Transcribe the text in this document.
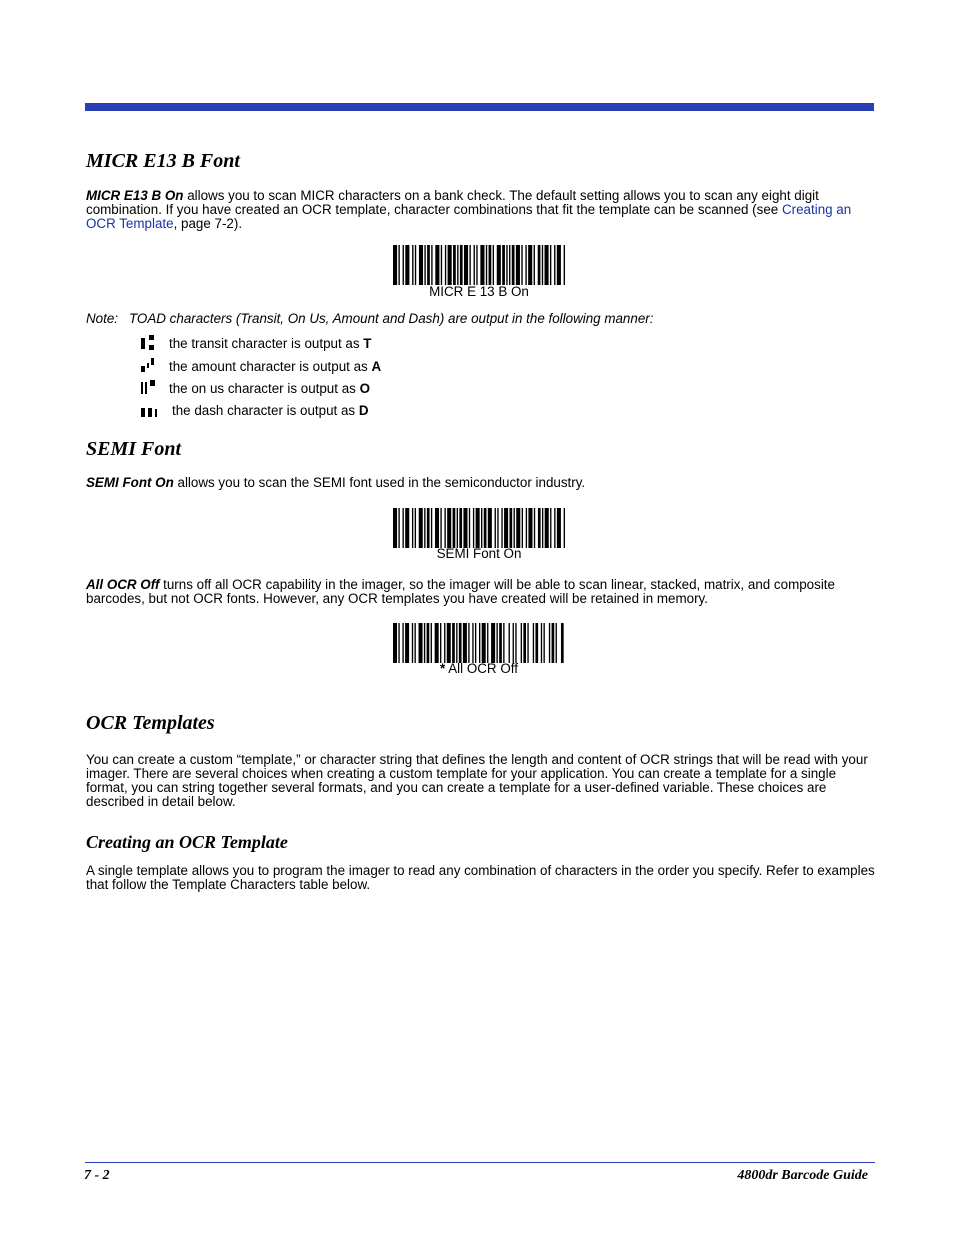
MICR E13 B Font

MICR E13 B On allows you to scan MICR characters on a bank check. The default setting allows you to scan any eight digit combination. If you have created an OCR template, character combinations that fit the template can be scanned (see Creating an OCR Template, page 7-2).

MICR E 13 B On
Note: TOAD characters (Transit, On Us, Amount and Dash) are output in the following manner:
the transit character is output as T
the amount character is output as A
the on us character is output as O
the dash character is output as D
SEMI Font

SEMI Font On allows you to scan the SEMI font used in the semiconductor industry.

SEMI Font On

All OCR Off turns off all OCR capability in the imager, so the imager will be able to scan linear, stacked, matrix, and composite barcodes, but not OCR fonts. However, any OCR templates you have created will be retained in memory.

* All OCR Off
OCR Templates

You can create a custom “template,” or character string that defines the length and content of OCR strings that will be read with your imager. There are several choices when creating a custom template for your application. You can create a template for a single format, you can string together several formats, and you can create a template for a user-defined variable. These choices are described in detail below.

Creating an OCR Template

A single template allows you to program the imager to read any combination of characters in the order you specify. Refer to examples that follow the Template Characters table below.

7 - 2	4800dr Barcode Guide
